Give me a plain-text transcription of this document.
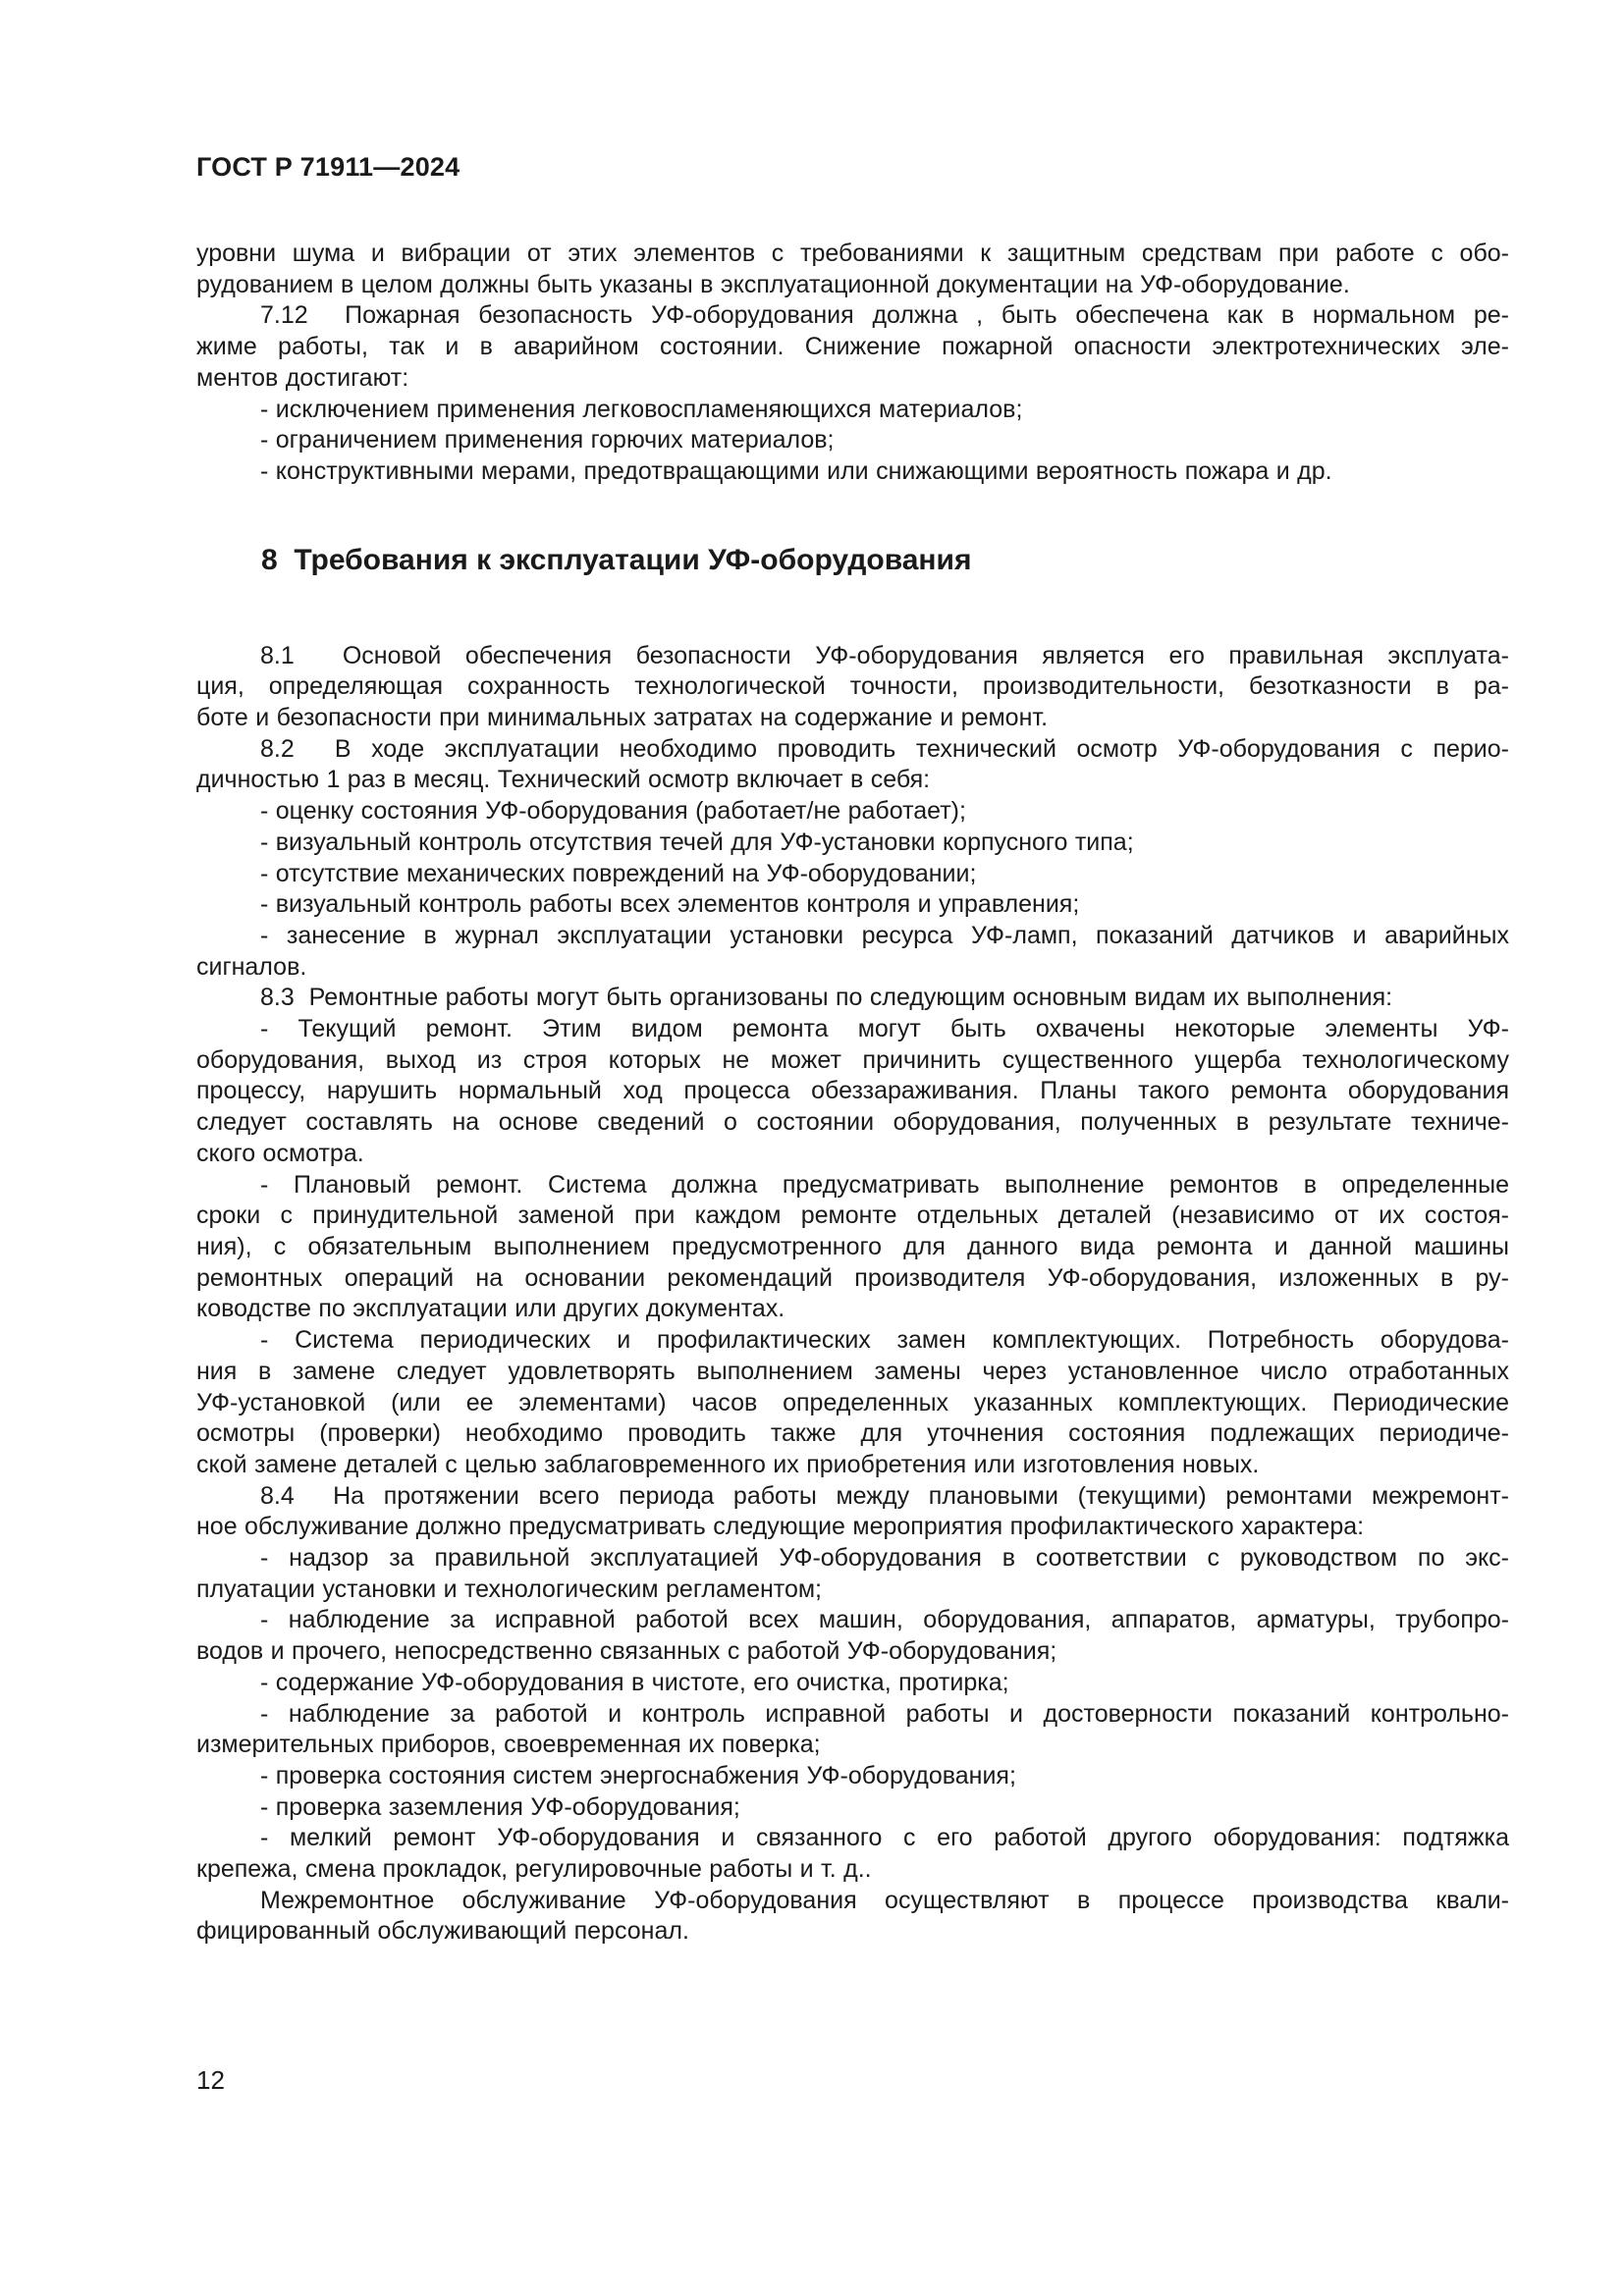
ГОСТ Р 71911—2024
уровни шума и вибрации от этих элементов с требованиями к защитным средствам при работе с обо-
рудованием в целом должны быть указаны в эксплуатационной документации на УФ-оборудование.
7.12  Пожарная безопасность УФ-оборудования должна , быть обеспечена как в нормальном ре-
жиме работы, так и в аварийном состоянии. Снижение пожарной опасности электротехнических эле-
ментов достигают:
- исключением применения легковоспламеняющихся материалов;
- ограничением применения горючих материалов;
- конструктивными мерами, предотвращающими или снижающими вероятность пожара и др.
8  Требования к эксплуатации УФ-оборудования
8.1  Основой обеспечения безопасности УФ-оборудования является его правильная эксплуата-
ция, определяющая сохранность технологической точности, производительности, безотказности в ра-
боте и безопасности при минимальных затратах на содержание и ремонт.
8.2  В ходе эксплуатации необходимо проводить технический осмотр УФ-оборудования с перио-
дичностью 1 раз в месяц. Технический осмотр включает в себя:
- оценку состояния УФ-оборудования (работает/не работает);
- визуальный контроль отсутствия течей для УФ-установки корпусного типа;
- отсутствие механических повреждений на УФ-оборудовании;
- визуальный контроль работы всех элементов контроля и управления;
- занесение в журнал эксплуатации установки ресурса УФ-ламп, показаний датчиков и аварийных
сигналов.
8.3  Ремонтные работы могут быть организованы по следующим основным видам их выполнения:
- Текущий ремонт. Этим видом ремонта могут быть охвачены некоторые элементы УФ-
оборудования, выход из строя которых не может причинить существенного ущерба технологическому
процессу, нарушить нормальный ход процесса обеззараживания. Планы такого ремонта оборудования
следует составлять на основе сведений о состоянии оборудования, полученных в результате техниче-
ского осмотра.
- Плановый ремонт. Система должна предусматривать выполнение ремонтов в определенные
сроки с принудительной заменой при каждом ремонте отдельных деталей (независимо от их состоя-
ния), с обязательным выполнением предусмотренного для данного вида ремонта и данной машины
ремонтных операций на основании рекомендаций производителя УФ-оборудования, изложенных в ру-
ководстве по эксплуатации или других документах.
- Система периодических и профилактических замен комплектующих. Потребность оборудова-
ния в замене следует удовлетворять выполнением замены через установленное число отработанных
УФ-установкой (или ее элементами) часов определенных указанных комплектующих. Периодические
осмотры (проверки) необходимо проводить также для уточнения состояния подлежащих периодиче-
ской замене деталей с целью заблаговременного их приобретения или изготовления новых.
8.4  На протяжении всего периода работы между плановыми (текущими) ремонтами межремонт-
ное обслуживание должно предусматривать следующие мероприятия профилактического характера:
- надзор за правильной эксплуатацией УФ-оборудования в соответствии с руководством по экс-
плуатации установки и технологическим регламентом;
- наблюдение за исправной работой всех машин, оборудования, аппаратов, арматуры, трубопро-
водов и прочего, непосредственно связанных с работой УФ-оборудования;
- содержание УФ-оборудования в чистоте, его очистка, протирка;
- наблюдение за работой и контроль исправной работы и достоверности показаний контрольно-
измерительных приборов, своевременная их поверка;
- проверка состояния систем энергоснабжения УФ-оборудования;
- проверка заземления УФ-оборудования;
- мелкий ремонт УФ-оборудования и связанного с его работой другого оборудования: подтяжка
крепежа, смена прокладок, регулировочные работы и т. д..
Межремонтное обслуживание УФ-оборудования осуществляют в процессе производства квали-
фицированный обслуживающий персонал.
12
